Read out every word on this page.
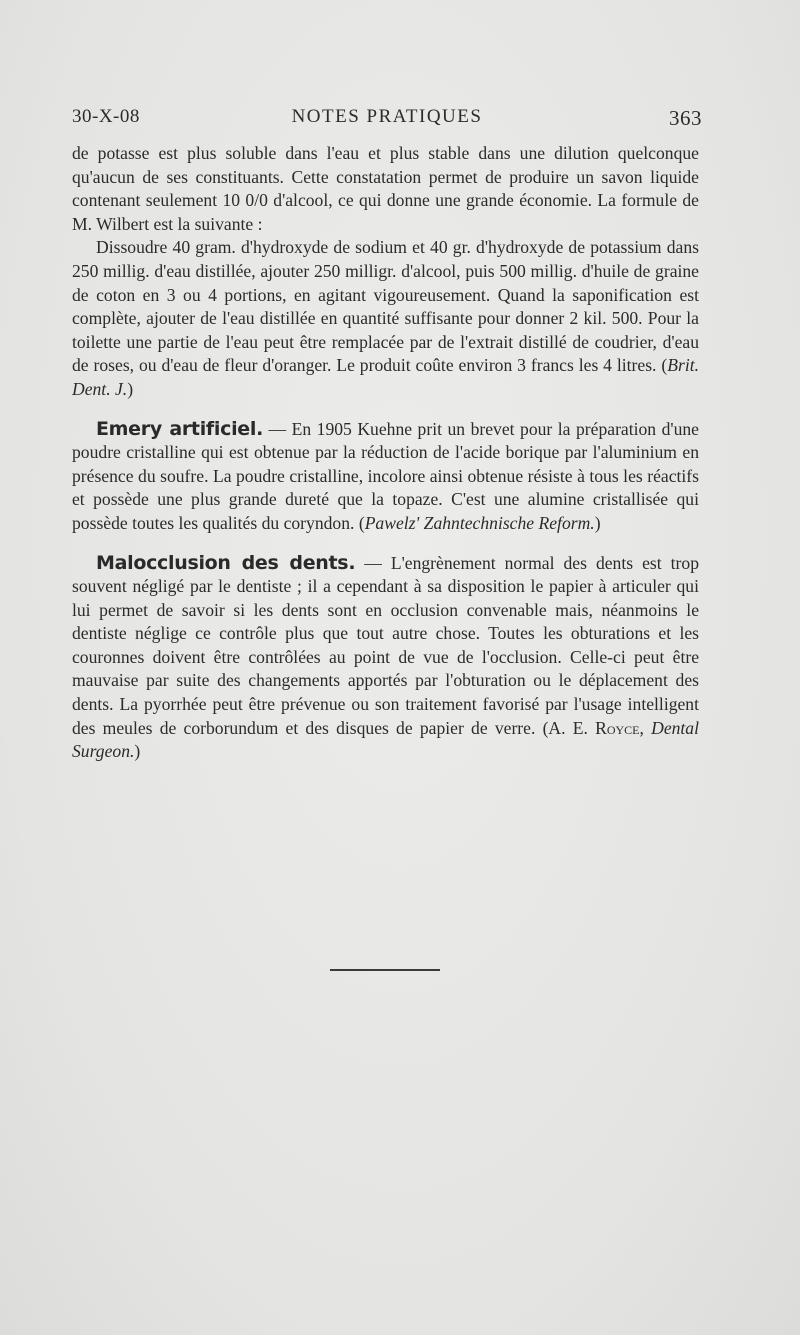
30-X-08	NOTES PRATIQUES	363

de potasse est plus soluble dans l'eau et plus stable dans une dilution quelconque qu'aucun de ses constituants. Cette constatation permet de produire un savon liquide contenant seulement 10 0/0 d'alcool, ce qui donne une grande économie. La formule de M. Wilbert est la suivante :

Dissoudre 40 gram. d'hydroxyde de sodium et 40 gr. d'hydroxyde de potassium dans 250 millig. d'eau distillée, ajouter 250 milligr. d'alcool, puis 500 millig. d'huile de graine de coton en 3 ou 4 portions, en agitant vigoureusement. Quand la saponification est complète, ajouter de l'eau distillée en quantité suffisante pour donner 2 kil. 500. Pour la toilette une partie de l'eau peut être remplacée par de l'extrait distillé de coudrier, d'eau de roses, ou d'eau de fleur d'oranger. Le produit coûte environ 3 francs les 4 litres. (Brit. Dent. J.)

Emery artificiel. — En 1905 Kuehne prit un brevet pour la préparation d'une poudre cristalline qui est obtenue par la réduction de l'acide borique par l'aluminium en présence du soufre. La poudre cristalline, incolore ainsi obtenue résiste à tous les réactifs et possède une plus grande dureté que la topaze. C'est une alumine cristallisée qui possède toutes les qualités du coryndon. (Pawelz' Zahntechnische Reform.)

Malocclusion des dents. — L'engrènement normal des dents est trop souvent négligé par le dentiste ; il a cependant à sa disposition le papier à articuler qui lui permet de savoir si les dents sont en occlusion convenable mais, néanmoins le dentiste néglige ce contrôle plus que tout autre chose. Toutes les obturations et les couronnes doivent être contrôlées au point de vue de l'occlusion. Celle-ci peut être mauvaise par suite des changements apportés par l'obturation ou le déplacement des dents. La pyorrhée peut être prévenue ou son traitement favorisé par l'usage intelligent des meules de corborundum et des disques de papier de verre. (A. E. Royce, Dental Surgeon.)
